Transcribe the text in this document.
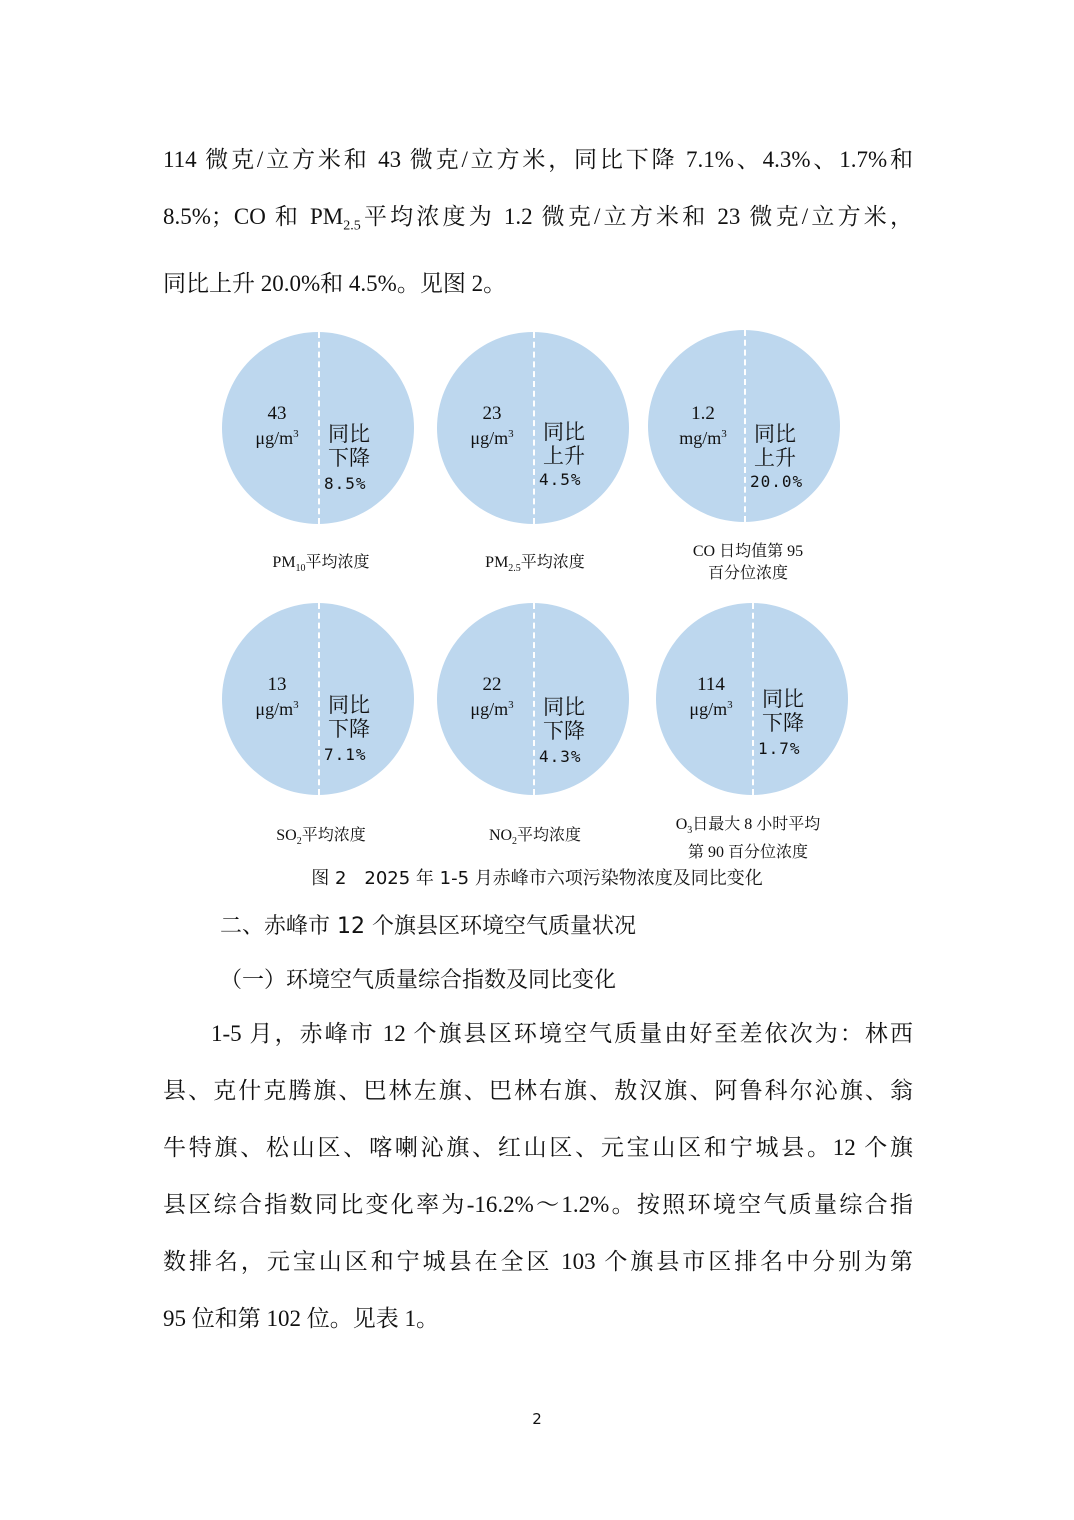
114 微克/立方米和 43 微克/立方米，同比下降 7.1%、4.3%、1.7%和
8.5%；CO 和 $PM_{2.5}$平均浓度为 1.2 微克/立方米和 23 微克/立方米，
同比上升 20.0%和 4.5%。见图 2。
43
$\mu g/m^3$	同比
下降
8.5%
$PM_{10}$平均浓度
23
$\mu g/m^3$	同比
上升
4.5%
$PM_{2.5}$平均浓度
1.2
$mg/m^3$	同比
上升
20.0%
CO 日均值第 95
百分位浓度
13
$\mu g/m^3$	同比
下降
7.1%
$SO_2$平均浓度
22
$\mu g/m^3$	同比
下降
4.3%
$NO_2$平均浓度
114
$\mu g/m^3$	同比
下降
1.7%
$O_3$日最大 8 小时平均
第 90 百分位浓度
图 2　2025 年 1-5 月赤峰市六项污染物浓度及同比变化
二、赤峰市 12 个旗县区环境空气质量状况
（一）环境空气质量综合指数及同比变化
1-5 月，赤峰市 12 个旗县区环境空气质量由好至差依次为：林西
县、克什克腾旗、巴林左旗、巴林右旗、敖汉旗、阿鲁科尔沁旗、翁
牛特旗、松山区、喀喇沁旗、红山区、元宝山区和宁城县。12 个旗
县区综合指数同比变化率为-16.2%～1.2%。按照环境空气质量综合指
数排名，元宝山区和宁城县在全区 103 个旗县市区排名中分别为第
95 位和第 102 位。见表 1。
2
